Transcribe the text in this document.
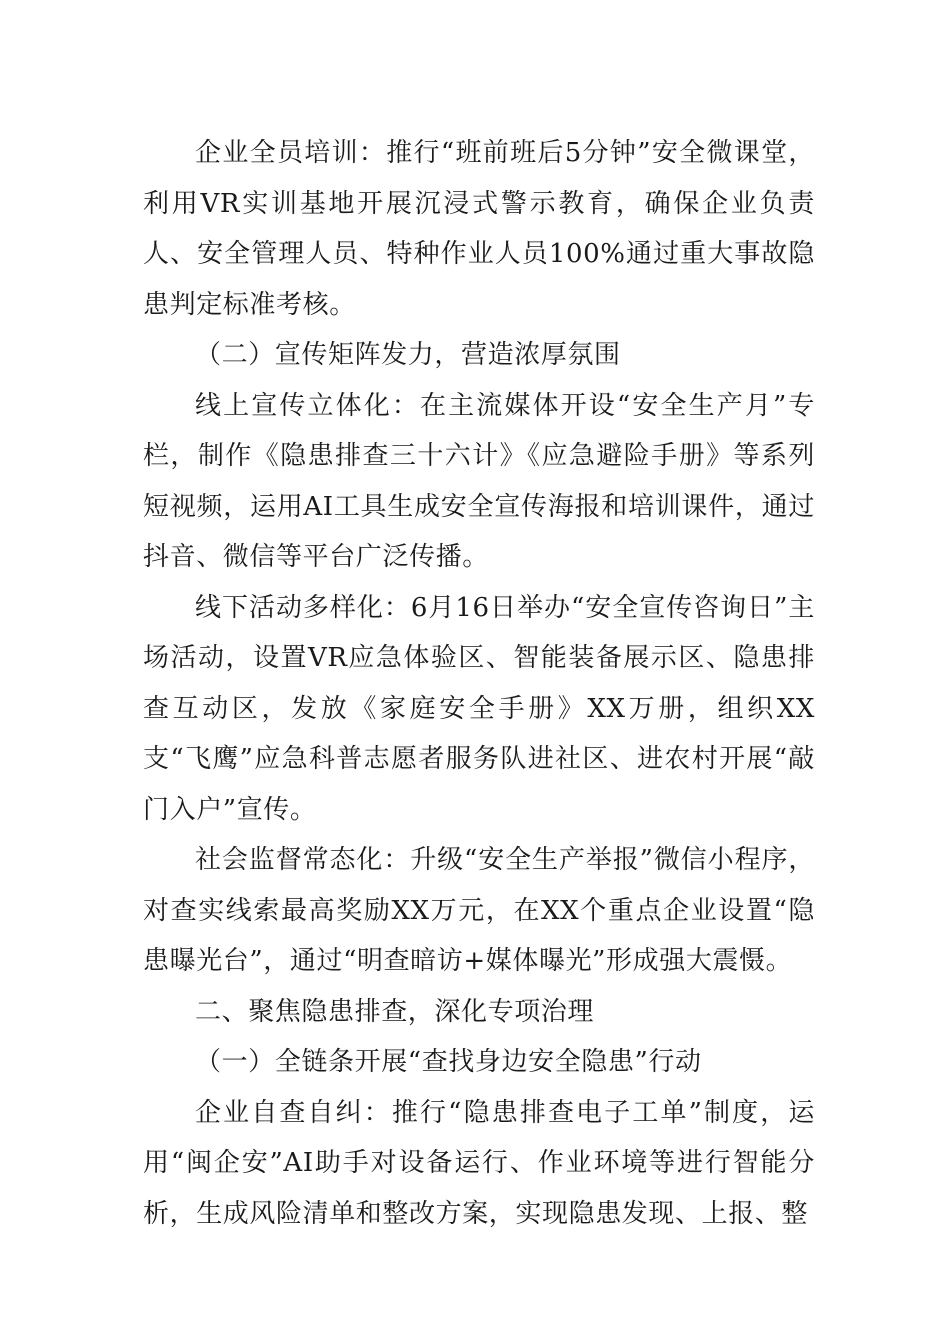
企业全员培训：推行“班前班后5分钟”安全微课堂，利用VR实训基地开展沉浸式警示教育，确保企业负责人、安全管理人员、特种作业人员100%通过重大事故隐患判定标准考核。

（二）宣传矩阵发力，营造浓厚氛围

线上宣传立体化：在主流媒体开设“安全生产月”专栏，制作《隐患排查三十六计》《应急避险手册》等系列短视频，运用AI工具生成安全宣传海报和培训课件，通过抖音、微信等平台广泛传播。

线下活动多样化：6月16日举办“安全宣传咨询日”主场活动，设置VR应急体验区、智能装备展示区、隐患排查互动区，发放《家庭安全手册》XX万册，组织XX支“飞鹰”应急科普志愿者服务队进社区、进农村开展“敲门入户”宣传。

社会监督常态化：升级“安全生产举报”微信小程序，对查实线索最高奖励XX万元，在XX个重点企业设置“隐患曝光台”，通过“明查暗访+媒体曝光”形成强大震慑。

二、聚焦隐患排查，深化专项治理

（一）全链条开展“查找身边安全隐患”行动

企业自查自纠：推行“隐患排查电子工单”制度，运用“闽企安”AI助手对设备运行、作业环境等进行智能分析，生成风险清单和整改方案，实现隐患发现、上报、整
